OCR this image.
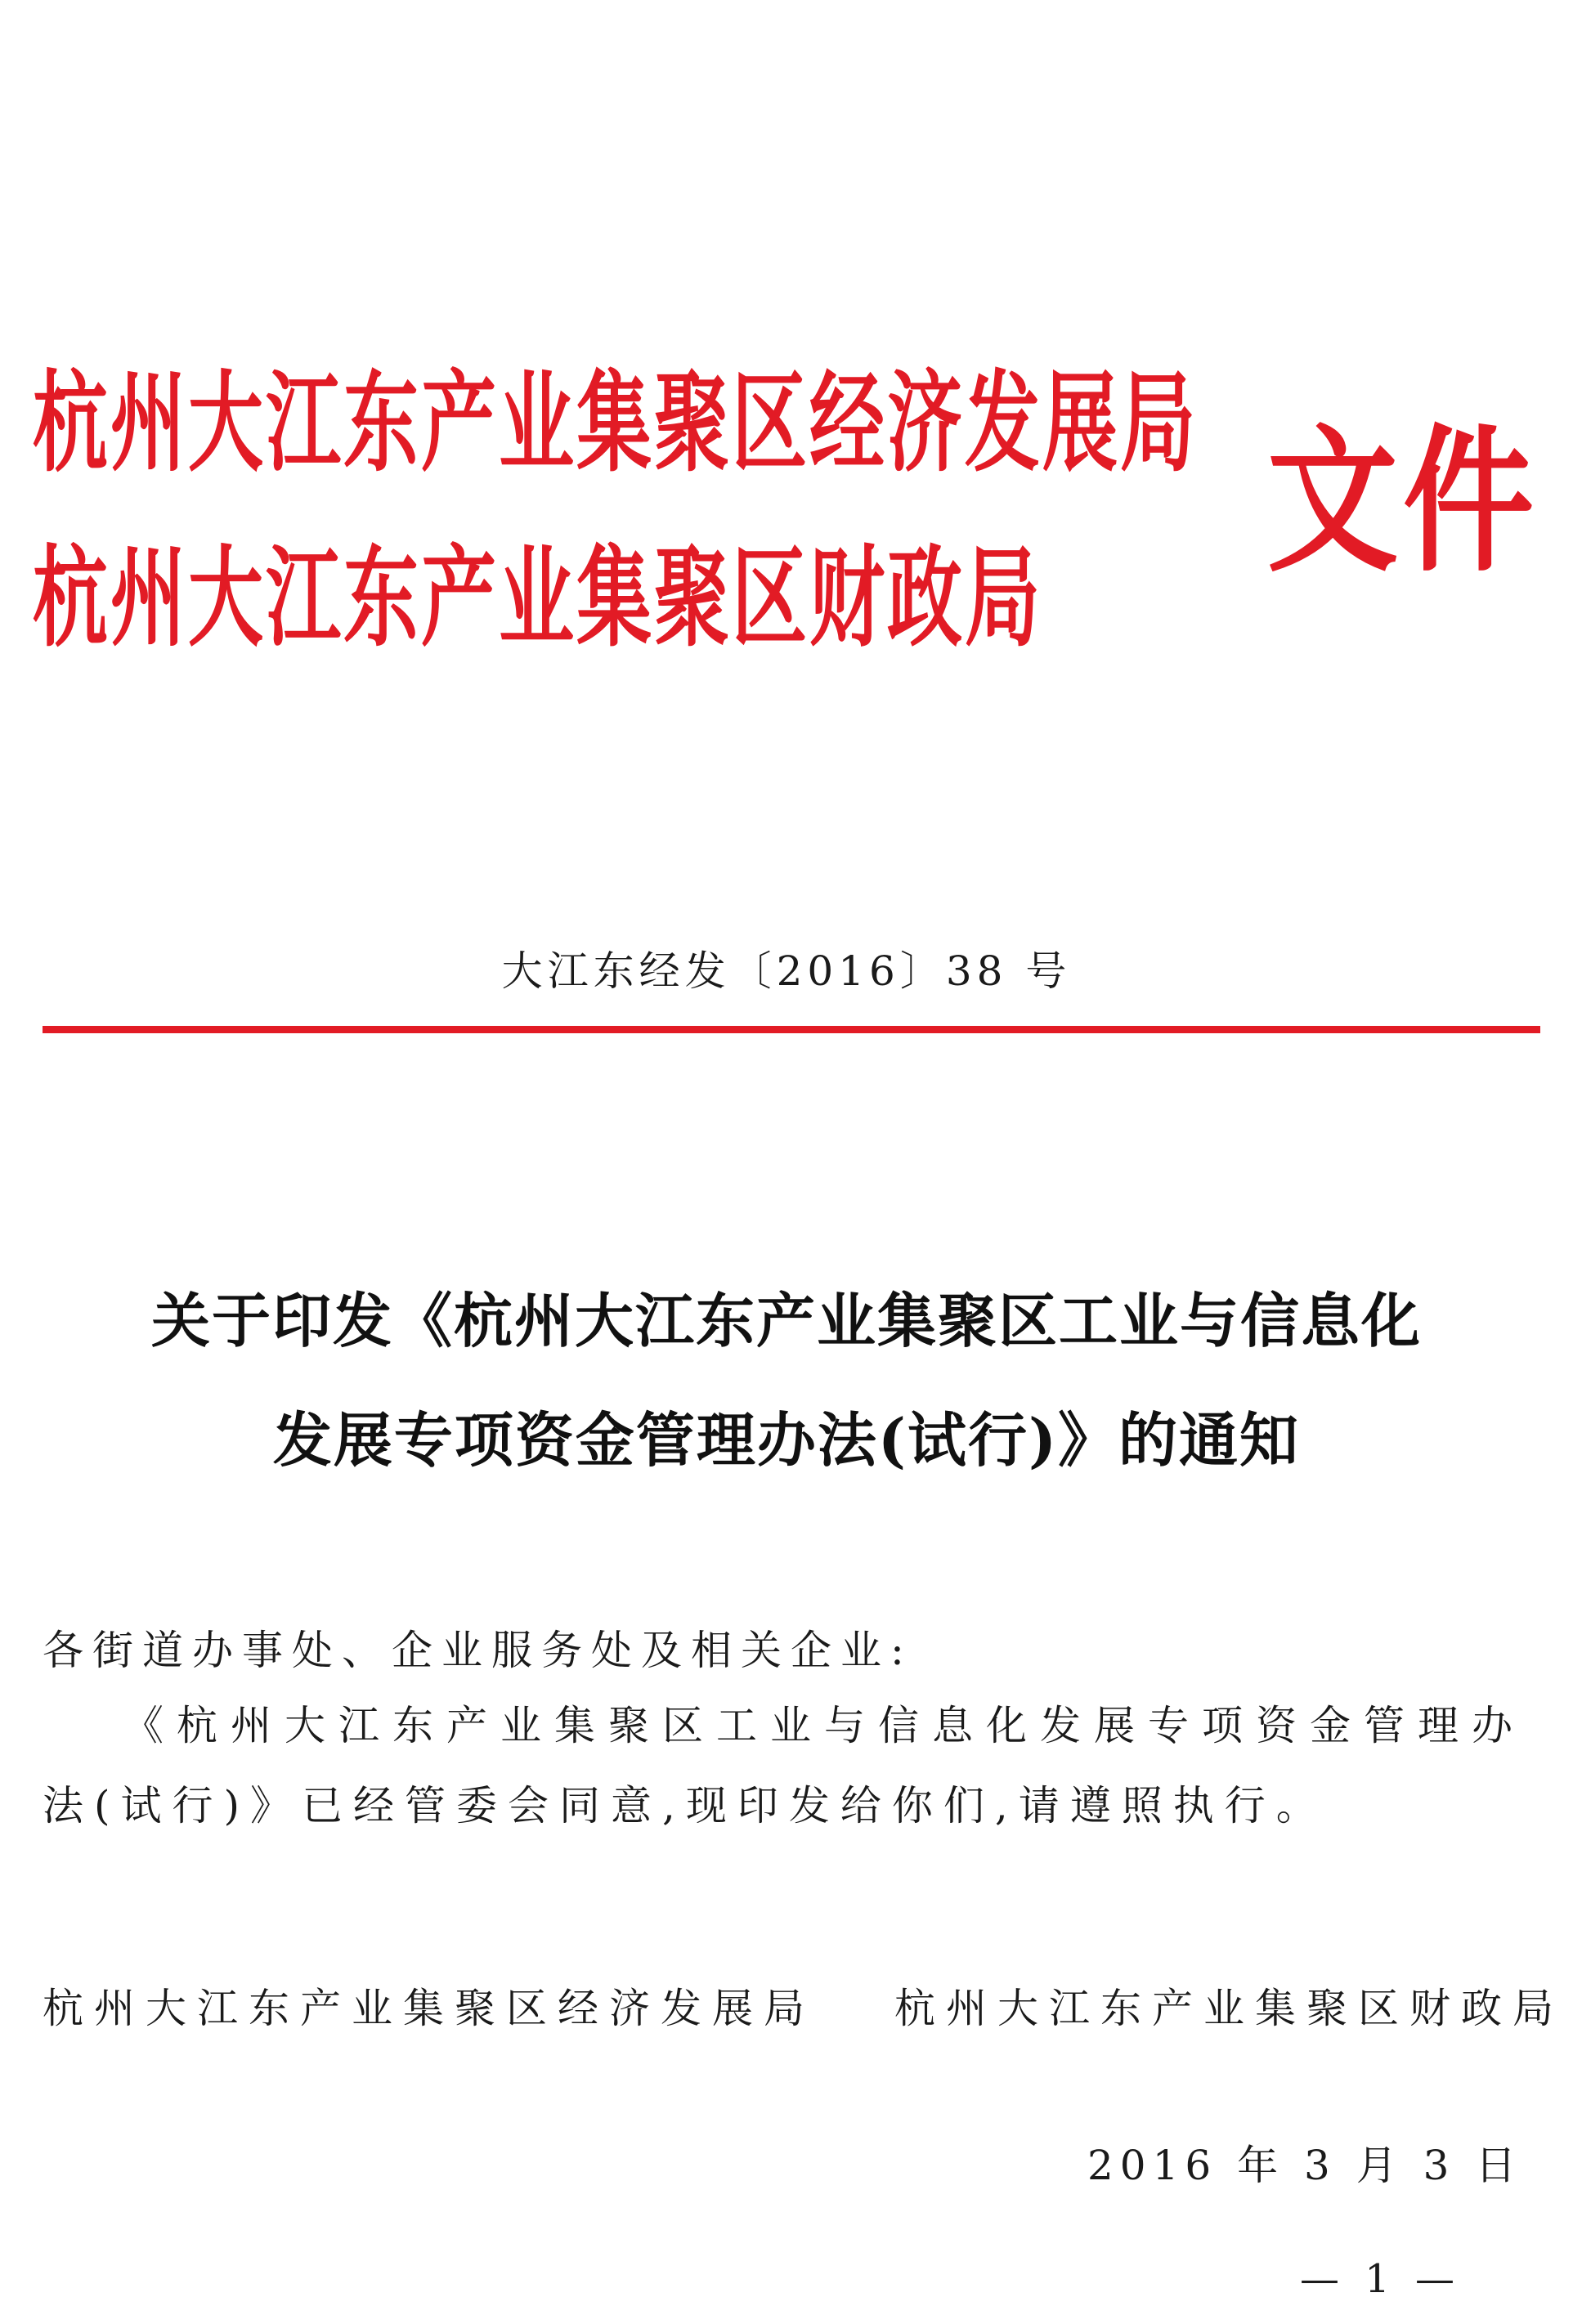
杭州大江东产业集聚区经济发展局
杭州大江东产业集聚区财政局
文件
大江东经发〔2016〕38 号
关于印发《杭州大江东产业集聚区工业与信息化
发展专项资金管理办法(试行)》的通知
各街道办事处、企业服务处及相关企业:
《杭州大江东产业集聚区工业与信息化发展专项资金管理办
法(试行)》已经管委会同意,现印发给你们,请遵照执行。
杭州大江东产业集聚区经济发展局 杭州大江东产业集聚区财政局
2016 年 3 月 3 日
— 1 —
